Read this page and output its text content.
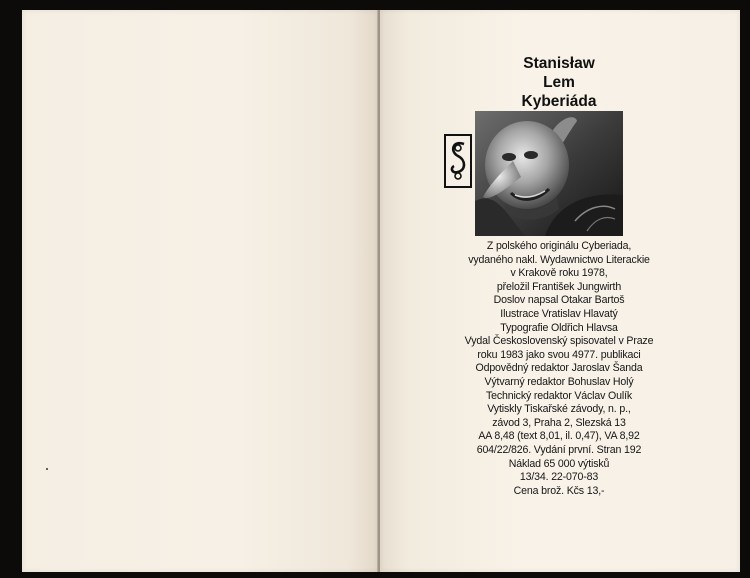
Stanisław
Lem
Kyberiáda
Z polského originálu Cyberiada,
vydaného nakl. Wydawnictwo Literackie
v Krakově roku 1978,
přeložil František Jungwirth
Doslov napsal Otakar Bartoš
Ilustrace Vratislav Hlavatý
Typografie Oldřich Hlavsa
Vydal Československý spisovatel v Praze
roku 1983 jako svou 4977. publikaci
Odpovědný redaktor Jaroslav Šanda
Výtvarný redaktor Bohuslav Holý
Technický redaktor Václav Oulík
Vytiskly Tiskařské závody, n. p.,
závod 3, Praha 2, Slezská 13
AA 8,48 (text 8,01, il. 0,47), VA 8,92
604/22/826. Vydání první. Stran 192
Náklad 65 000 výtisků
13/34. 22-070-83
Cena brož. Kčs 13,-
